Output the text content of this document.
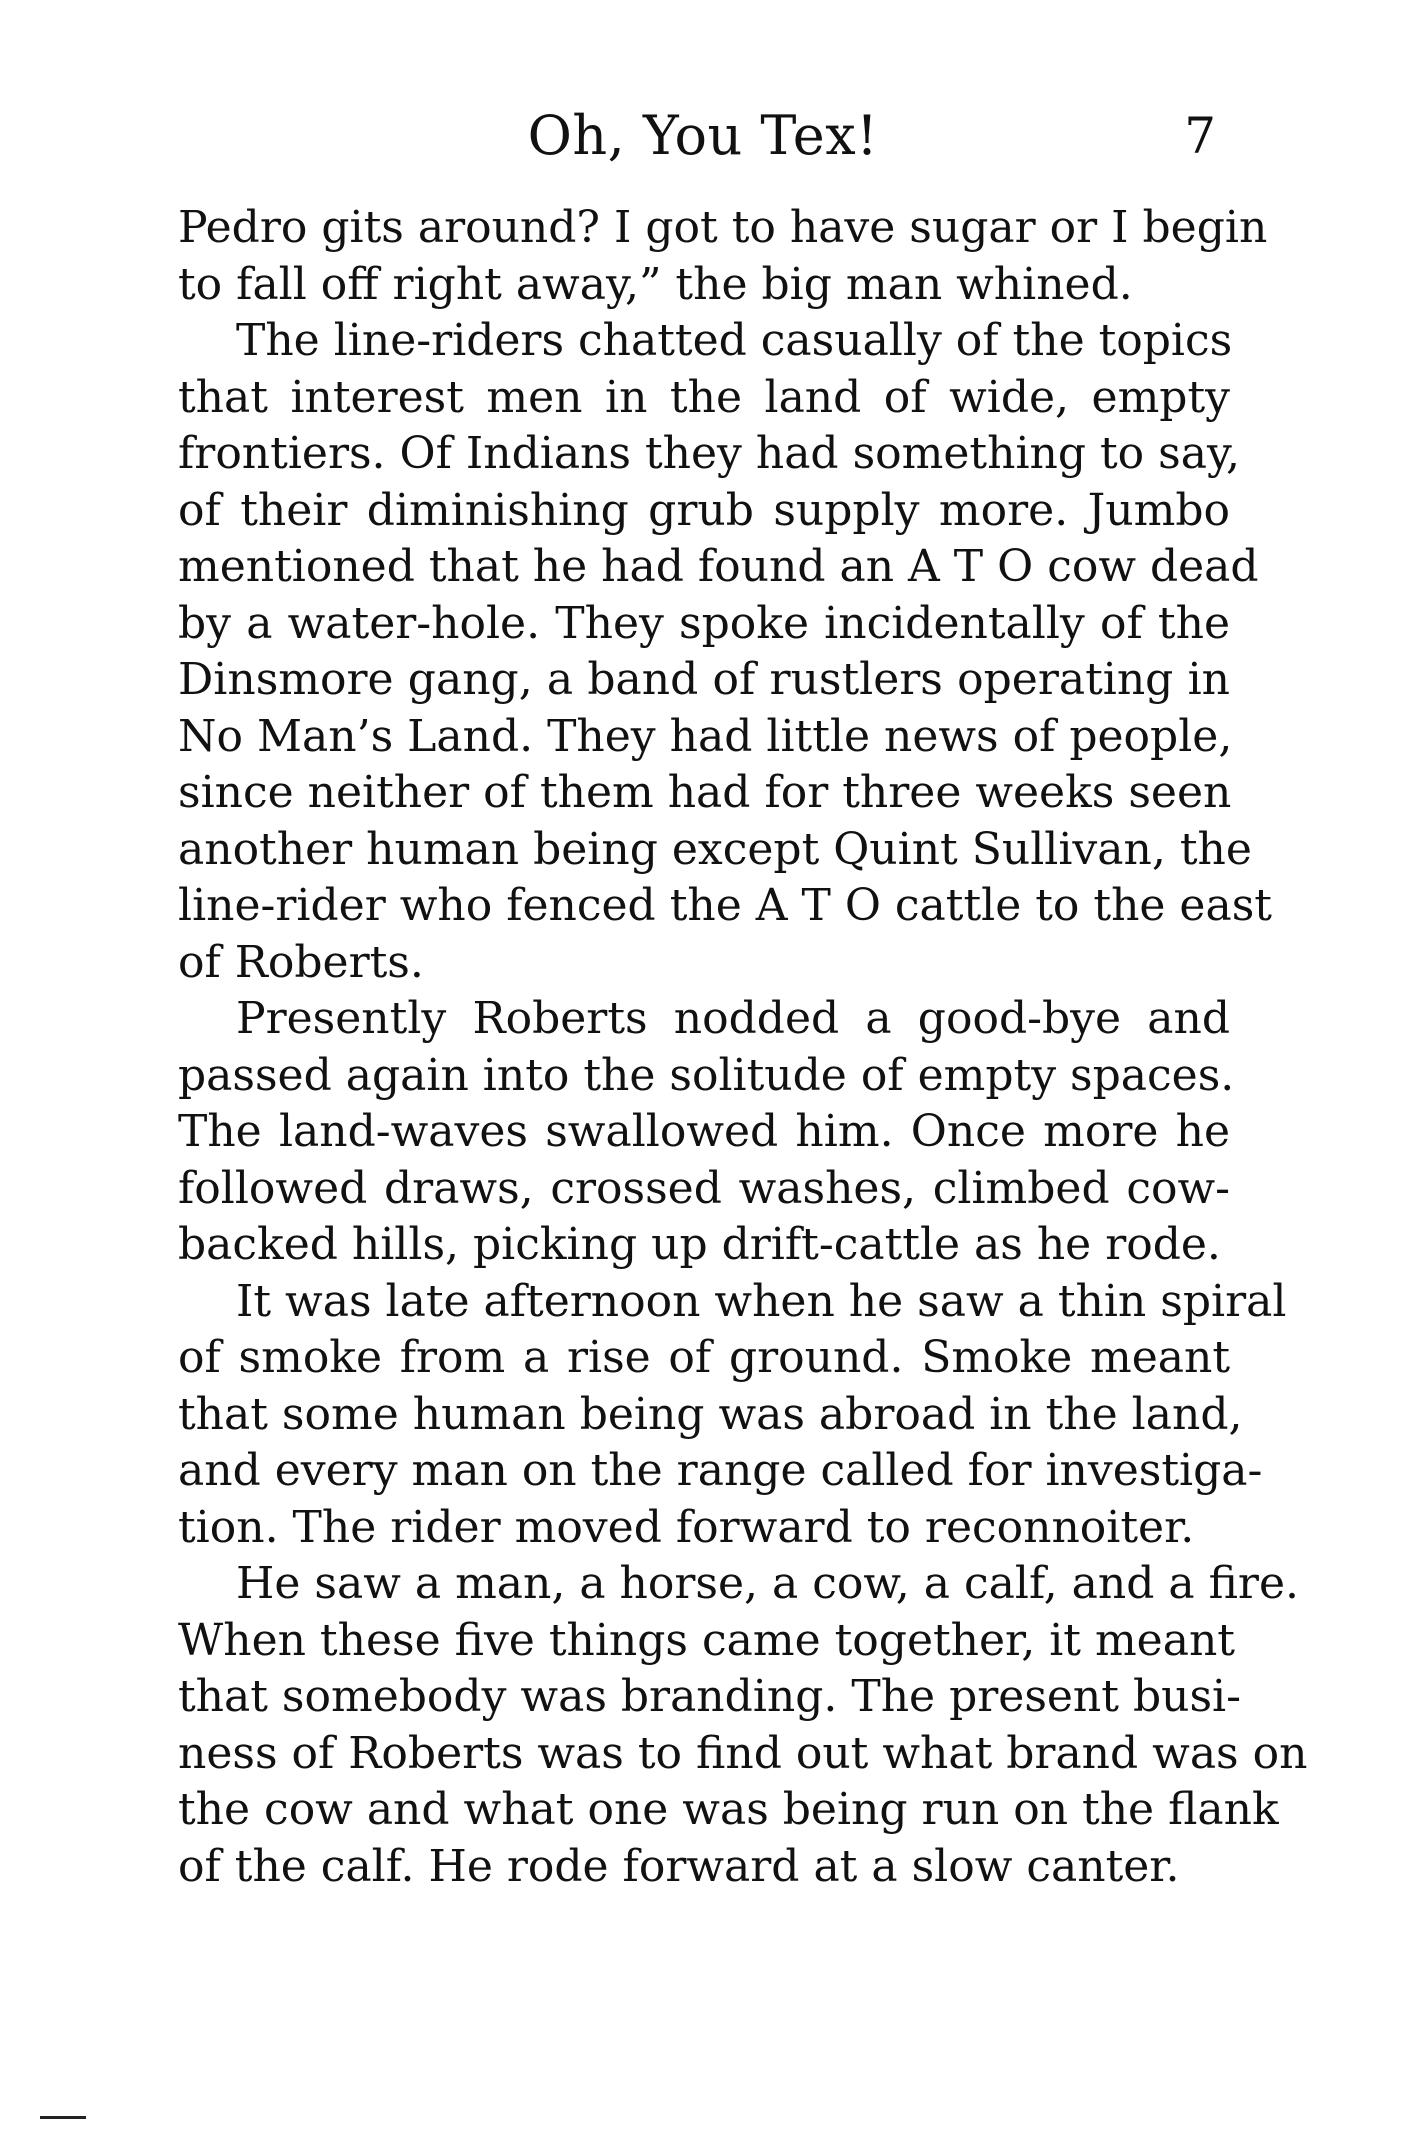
Oh, You Tex!	7
Pedro gits around? I got to have sugar or I begin
to fall off right away,” the big man whined.
The line-riders chatted casually of the topics
that interest men in the land of wide, empty
frontiers. Of Indians they had something to say,
of their diminishing grub supply more. Jumbo
mentioned that he had found an A T O cow dead
by a water-hole. They spoke incidentally of the
Dinsmore gang, a band of rustlers operating in
No Man’s Land. They had little news of people,
since neither of them had for three weeks seen
another human being except Quint Sullivan, the
line-rider who fenced the A T O cattle to the east
of Roberts.
Presently Roberts nodded a good-bye and
passed again into the solitude of empty spaces.
The land-waves swallowed him. Once more he
followed draws, crossed washes, climbed cow-
backed hills, picking up drift-cattle as he rode.
It was late afternoon when he saw a thin spiral
of smoke from a rise of ground. Smoke meant
that some human being was abroad in the land,
and every man on the range called for investiga-
tion. The rider moved forward to reconnoiter.
He saw a man, a horse, a cow, a calf, and a fire.
When these five things came together, it meant
that somebody was branding. The present busi-
ness of Roberts was to find out what brand was on
the cow and what one was being run on the flank
of the calf. He rode forward at a slow canter.
